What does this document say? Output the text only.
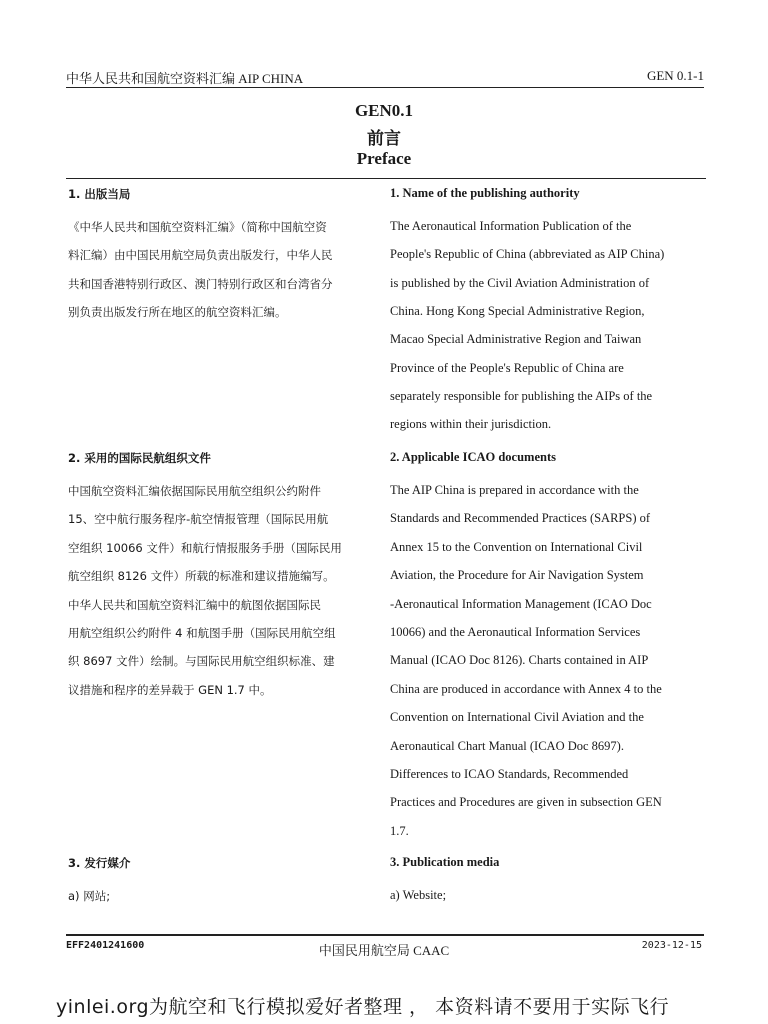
中华人民共和国航空资料汇编 AIP CHINA	GEN 0.1-1
GEN0.1
前言
Preface
1. 出版当局	1. Name of the publishing authority
《中华人民共和国航空资料汇编》（简称中国航空资
料汇编）由中国民用航空局负责出版发行，中华人民
共和国香港特别行政区、澳门特别行政区和台湾省分
别负责出版发行所在地区的航空资料汇编。
The Aeronautical Information Publication of the
People's Republic of China (abbreviated as AIP China)
is published by the Civil Aviation Administration of
China. Hong Kong Special Administrative Region,
Macao Special Administrative Region and Taiwan
Province of the People's Republic of China are
separately responsible for publishing the AIPs of the
regions within their jurisdiction.
2. 采用的国际民航组织文件	2. Applicable ICAO documents
中国航空资料汇编依据国际民用航空组织公约附件
15、空中航行服务程序-航空情报管理（国际民用航
空组织 10066 文件）和航行情报服务手册（国际民用
航空组织 8126 文件）所载的标准和建议措施编写。
中华人民共和国航空资料汇编中的航图依据国际民
用航空组织公约附件 4 和航图手册（国际民用航空组
织 8697 文件）绘制。与国际民用航空组织标准、建
议措施和程序的差异载于 GEN 1.7 中。
The AIP China is prepared in accordance with the
Standards and Recommended Practices (SARPS) of
Annex 15 to the Convention on International Civil
Aviation, the Procedure for Air Navigation System
-Aeronautical Information Management (ICAO Doc
10066) and the Aeronautical Information Services
Manual (ICAO Doc 8126). Charts contained in AIP
China are produced in accordance with Annex 4 to the
Convention on International Civil Aviation and the
Aeronautical Chart Manual (ICAO Doc 8697).
Differences to ICAO Standards, Recommended
Practices and Procedures are given in subsection GEN
1.7.
3. 发行媒介	3. Publication media
a) 网站;	a) Website;
EFF2401241600	中国民用航空局 CAAC	2023-12-15
yinlei.org为航空和飞行模拟爱好者整理 ， 本资料请不要用于实际飞行
